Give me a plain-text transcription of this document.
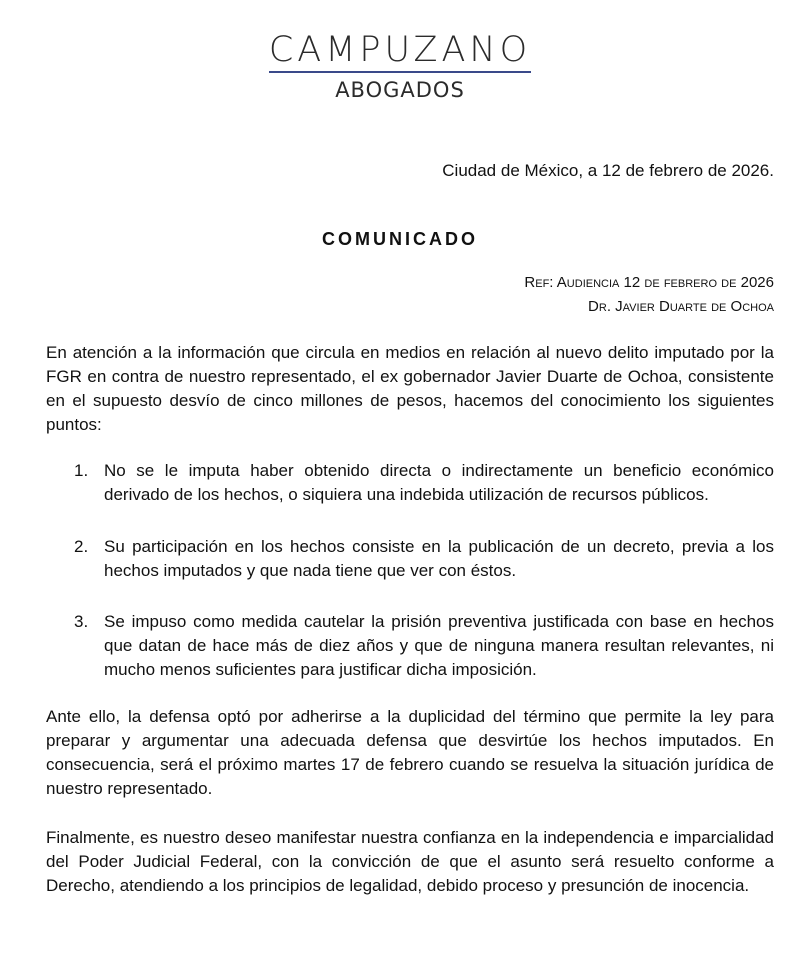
CAMPUZANO
ABOGADOS
Ciudad de México, a 12 de febrero de 2026.
COMUNICADO
Ref: Audiencia 12 de febrero de 2026
Dr. Javier Duarte de Ochoa
En atención a la información que circula en medios en relación al nuevo delito imputado por la FGR en contra de nuestro representado, el ex gobernador Javier Duarte de Ochoa, consistente en el supuesto desvío de cinco millones de pesos, hacemos del conocimiento los siguientes puntos:
1. No se le imputa haber obtenido directa o indirectamente un beneficio económico derivado de los hechos, o siquiera una indebida utilización de recursos públicos.
2. Su participación en los hechos consiste en la publicación de un decreto, previa a los hechos imputados y que nada tiene que ver con éstos.
3. Se impuso como medida cautelar la prisión preventiva justificada con base en hechos que datan de hace más de diez años y que de ninguna manera resultan relevantes, ni mucho menos suficientes para justificar dicha imposición.
Ante ello, la defensa optó por adherirse a la duplicidad del término que permite la ley para preparar y argumentar una adecuada defensa que desvirtúe los hechos imputados. En consecuencia, será el próximo martes 17 de febrero cuando se resuelva la situación jurídica de nuestro representado.
Finalmente, es nuestro deseo manifestar nuestra confianza en la independencia e imparcialidad del Poder Judicial Federal, con la convicción de que el asunto será resuelto conforme a Derecho, atendiendo a los principios de legalidad, debido proceso y presunción de inocencia.
